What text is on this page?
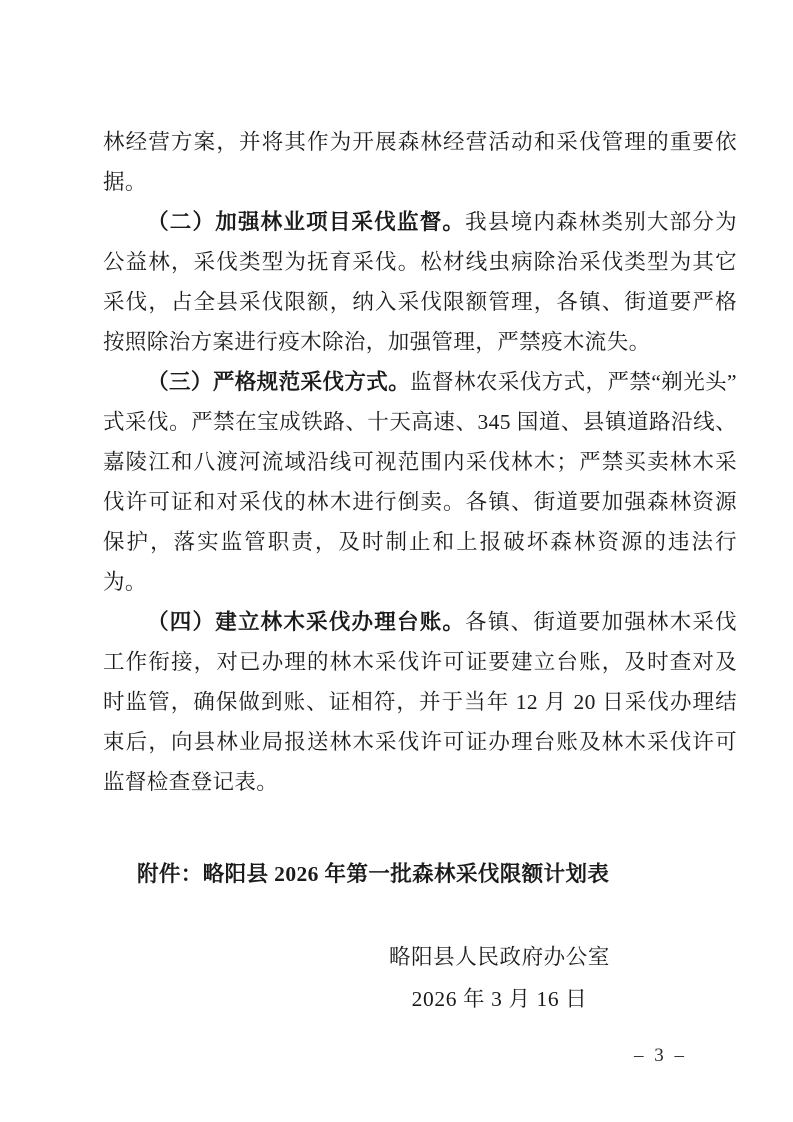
林经营方案，并将其作为开展森林经营活动和采伐管理的重要依据。

（二）加强林业项目采伐监督。我县境内森林类别大部分为公益林，采伐类型为抚育采伐。松材线虫病除治采伐类型为其它采伐，占全县采伐限额，纳入采伐限额管理，各镇、街道要严格按照除治方案进行疫木除治，加强管理，严禁疫木流失。

（三）严格规范采伐方式。监督林农采伐方式，严禁“剃光头”式采伐。严禁在宝成铁路、十天高速、345 国道、县镇道路沿线、嘉陵江和八渡河流域沿线可视范围内采伐林木；严禁买卖林木采伐许可证和对采伐的林木进行倒卖。各镇、街道要加强森林资源保护，落实监管职责，及时制止和上报破坏森林资源的违法行为。

（四）建立林木采伐办理台账。各镇、街道要加强林木采伐工作衔接，对已办理的林木采伐许可证要建立台账，及时查对及时监管，确保做到账、证相符，并于当年 12 月 20 日采伐办理结束后，向县林业局报送林木采伐许可证办理台账及林木采伐许可监督检查登记表。

附件：略阳县 2026 年第一批森林采伐限额计划表

略阳县人民政府办公室
2026 年 3 月 16 日
– 3 –
